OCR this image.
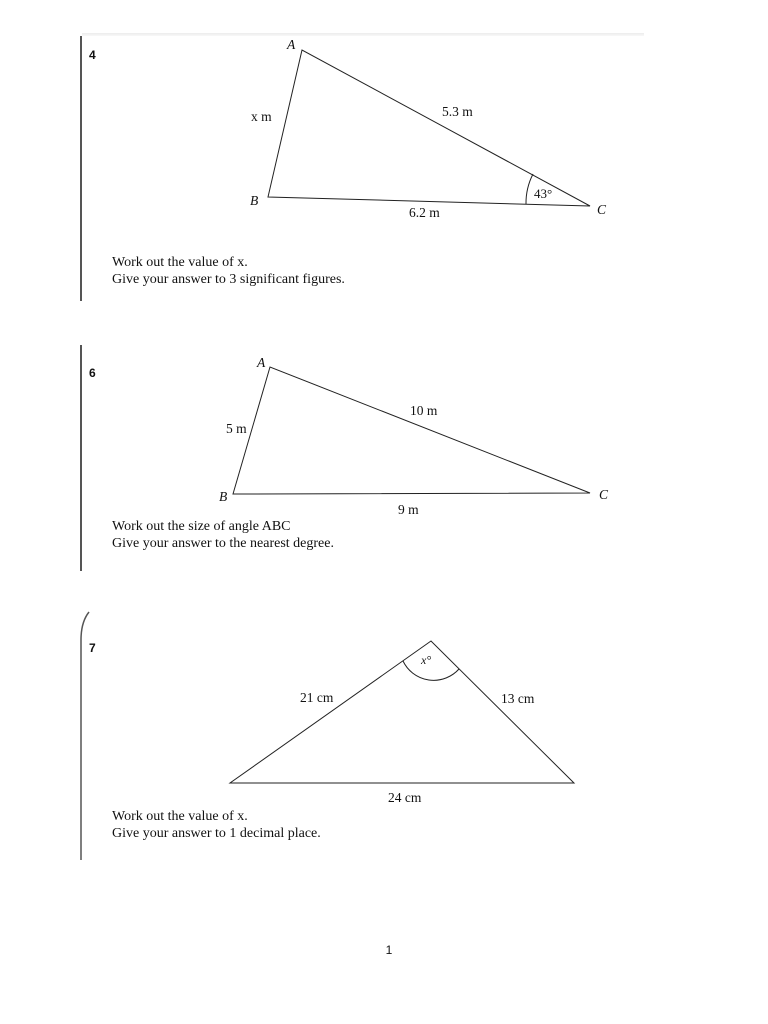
4
A
B
C
x m	5.3 m
6.2 m
43°
Work out the value of x.
Give your answer to 3 significant figures.
6
A
B	C
5 m
10 m
9 m
Work out the size of angle ABC
Give your answer to the nearest degree.
7
x°
21 cm	13 cm
24 cm
Work out the value of x.
Give your answer to 1 decimal place.
1
